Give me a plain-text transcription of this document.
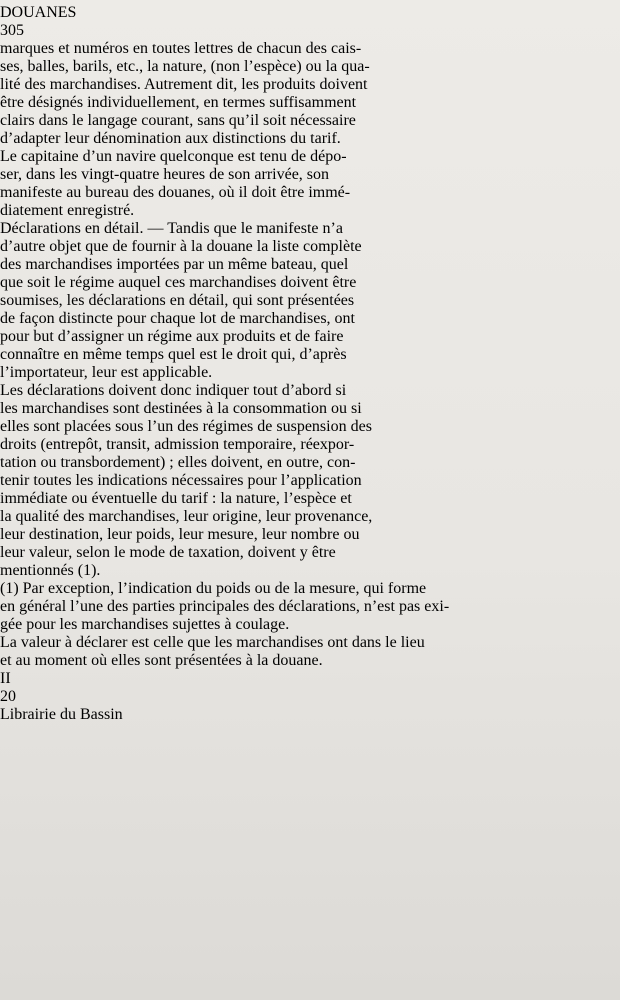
DOUANES
305
marques et numéros en toutes lettres de chacun des cais-
ses, balles, barils, etc., la nature, (non l’espèce) ou la qua-
lité des marchandises. Autrement dit, les produits doivent
être désignés individuellement, en termes suffisamment
clairs dans le langage courant, sans qu’il soit nécessaire
d’adapter leur dénomination aux distinctions du tarif.
Le capitaine d’un navire quelconque est tenu de dépo-
ser, dans les vingt-quatre heures de son arrivée, son
manifeste au bureau des douanes, où il doit être immé-
diatement enregistré.
Déclarations en détail. — Tandis que le manifeste n’a
d’autre objet que de fournir à la douane la liste complète
des marchandises importées par un même bateau, quel
que soit le régime auquel ces marchandises doivent être
soumises, les déclarations en détail, qui sont présentées
de façon distincte pour chaque lot de marchandises, ont
pour but d’assigner un régime aux produits et de faire
connaître en même temps quel est le droit qui, d’après
l’importateur, leur est applicable.
Les déclarations doivent donc indiquer tout d’abord si
les marchandises sont destinées à la consommation ou si
elles sont placées sous l’un des régimes de suspension des
droits (entrepôt, transit, admission temporaire, réexpor-
tation ou transbordement) ; elles doivent, en outre, con-
tenir toutes les indications nécessaires pour l’application
immédiate ou éventuelle du tarif : la nature, l’espèce et
la qualité des marchandises, leur origine, leur provenance,
leur destination, leur poids, leur mesure, leur nombre ou
leur valeur, selon le mode de taxation, doivent y être
mentionnés (1).
(1) Par exception, l’indication du poids ou de la mesure, qui forme
en général l’une des parties principales des déclarations, n’est pas exi-
gée pour les marchandises sujettes à coulage.
La valeur à déclarer est celle que les marchandises ont dans le lieu
et au moment où elles sont présentées à la douane.
II
20
Librairie du Bassin
